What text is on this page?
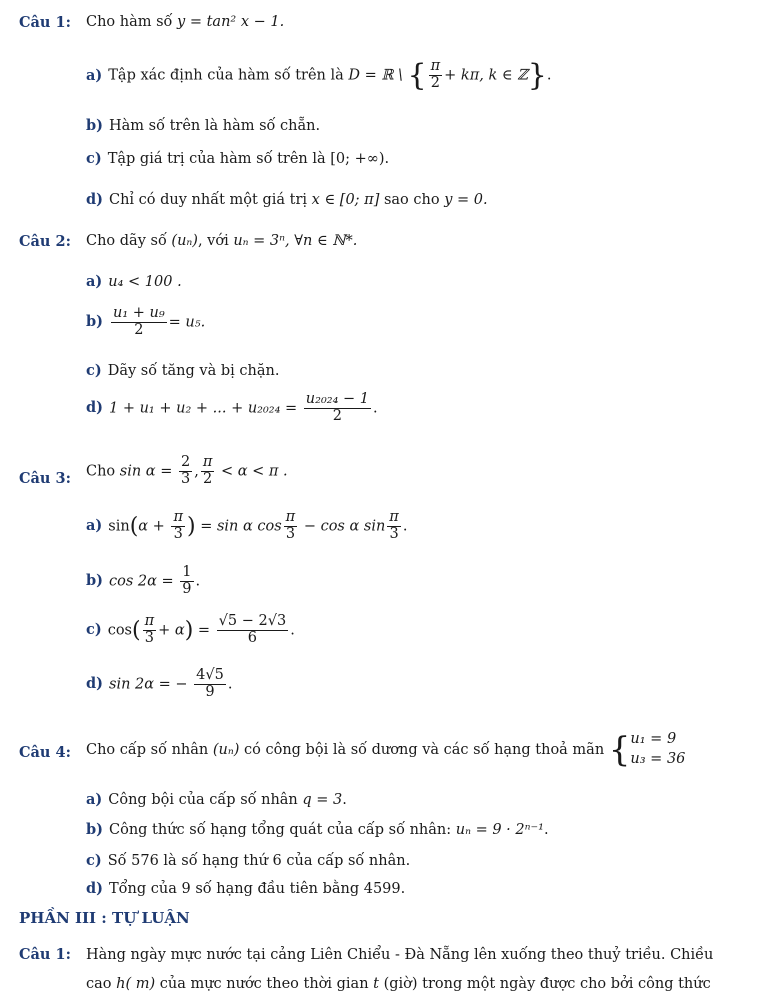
Câu 1: Cho hàm số y = tan² x − 1.
a) Tập xác định của hàm số trên là D = ℝ \ { $\frac{\pi}{2} + k\pi$, k ∈ ℤ}.
b) Hàm số trên là hàm số chẵn.
c) Tập giá trị của hàm số trên là [0; +∞).
d) Chỉ có duy nhất một giá trị x ∈ [0; π] sao cho y = 0.
Câu 2: Cho dãy số (uₙ), với uₙ = 3ⁿ, ∀n ∈ ℕ*.
a) u₄ < 100 .
$b) \frac{\text{u₁ + u₉}}{2} = u_5$.
c) Dãy số tăng và bị chặn.
d) 1 + u₁ + u₂ + ... + $u_{2024} = \frac{\text{u₂₀₂₄ − 1}}{2}$ .
Câu 3: Cho $\sin \alpha = \frac{2}{3}$ , $\frac{\pi}{2} < \alpha < \pi$ .
a) $\sin(\alpha + \frac{\pi}{3}$ ) = sin α $\cos \frac{\pi}{3} - \cos \alpha$ $\sin \frac{\pi}{3}$ .
b) $\cos 2\alpha = \frac{1}{9}$ .
c) $\cos( \frac{\pi}{3} + \alpha) = \frac{√5 - 2√3}{6}$ .
d) sin 2α = − $\frac{4√5}{9}$ .
Câu 4: Cho cấp số nhân (uₙ) có công bội là số dương và các số hạng thoả mãn { u₁ = 9
u₃ = 36
a) Công bội của cấp số nhân q = 3.
b) Công thức số hạng tổng quát của cấp số nhân: uₙ = 9 · 2ⁿ⁻¹.
c) Số 576 là số hạng thứ 6 của cấp số nhân.
d) Tổng của 9 số hạng đầu tiên bằng 4599.
PHẦN III : TỰ LUẬN
Câu 1: Hàng ngày mực nước tại cảng Liên Chiểu - Đà Nẵng lên xuống theo thuỷ triều. Chiều
cao h( m) của mực nước theo thời gian t (giờ) trong một ngày được cho bởi công thức
